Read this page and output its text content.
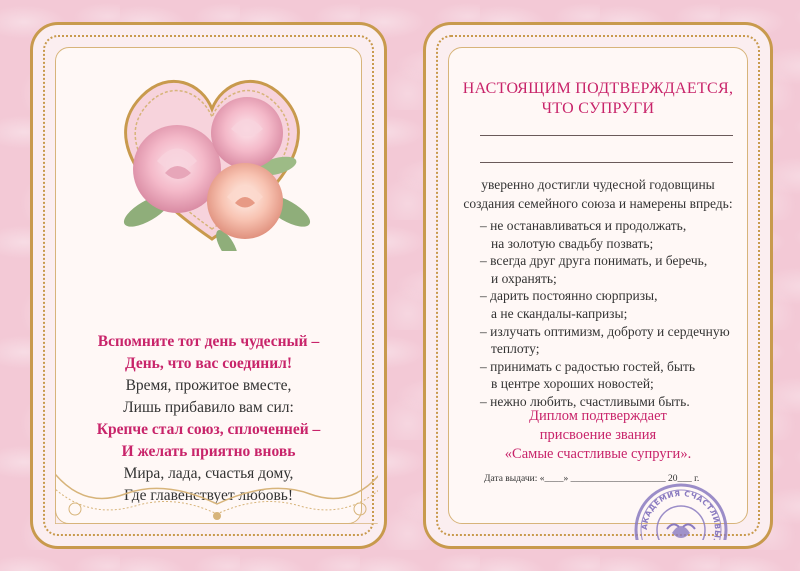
Вспомните тот день чудесный –
День, что вас соединил!
Время, прожитое вместе,
Лишь прибавило вам сил:
Крепче стал союз, сплоченней –
И желать приятно вновь
Мира, лада, счастья дому,
Где главенствует любовь!
НАСТОЯЩИМ ПОДТВЕРЖДАЕТСЯ,
ЧТО СУПРУГИ
уверенно достигли чудесной годовщины
создания семейного союза и намерены впредь:
– не останавливаться и продолжать,
на золотую свадьбу позвать;
– всегда друг друга понимать, и беречь,
и охранять;
– дарить постоянно сюрпризы,
а не скандалы-капризы;
– излучать оптимизм, доброту и сердечную
теплоту;
– принимать с радостью гостей, быть
в центре хороших новостей;
– нежно любить, счастливыми быть.
Диплом подтверждает
присвоение звания
«Самые счастливые супруги».
Дата выдачи: «____» ____________________ 20___ г.
АКАДЕМИЯ СЧАСТЛИВЫХ СОБЫТИЙ
